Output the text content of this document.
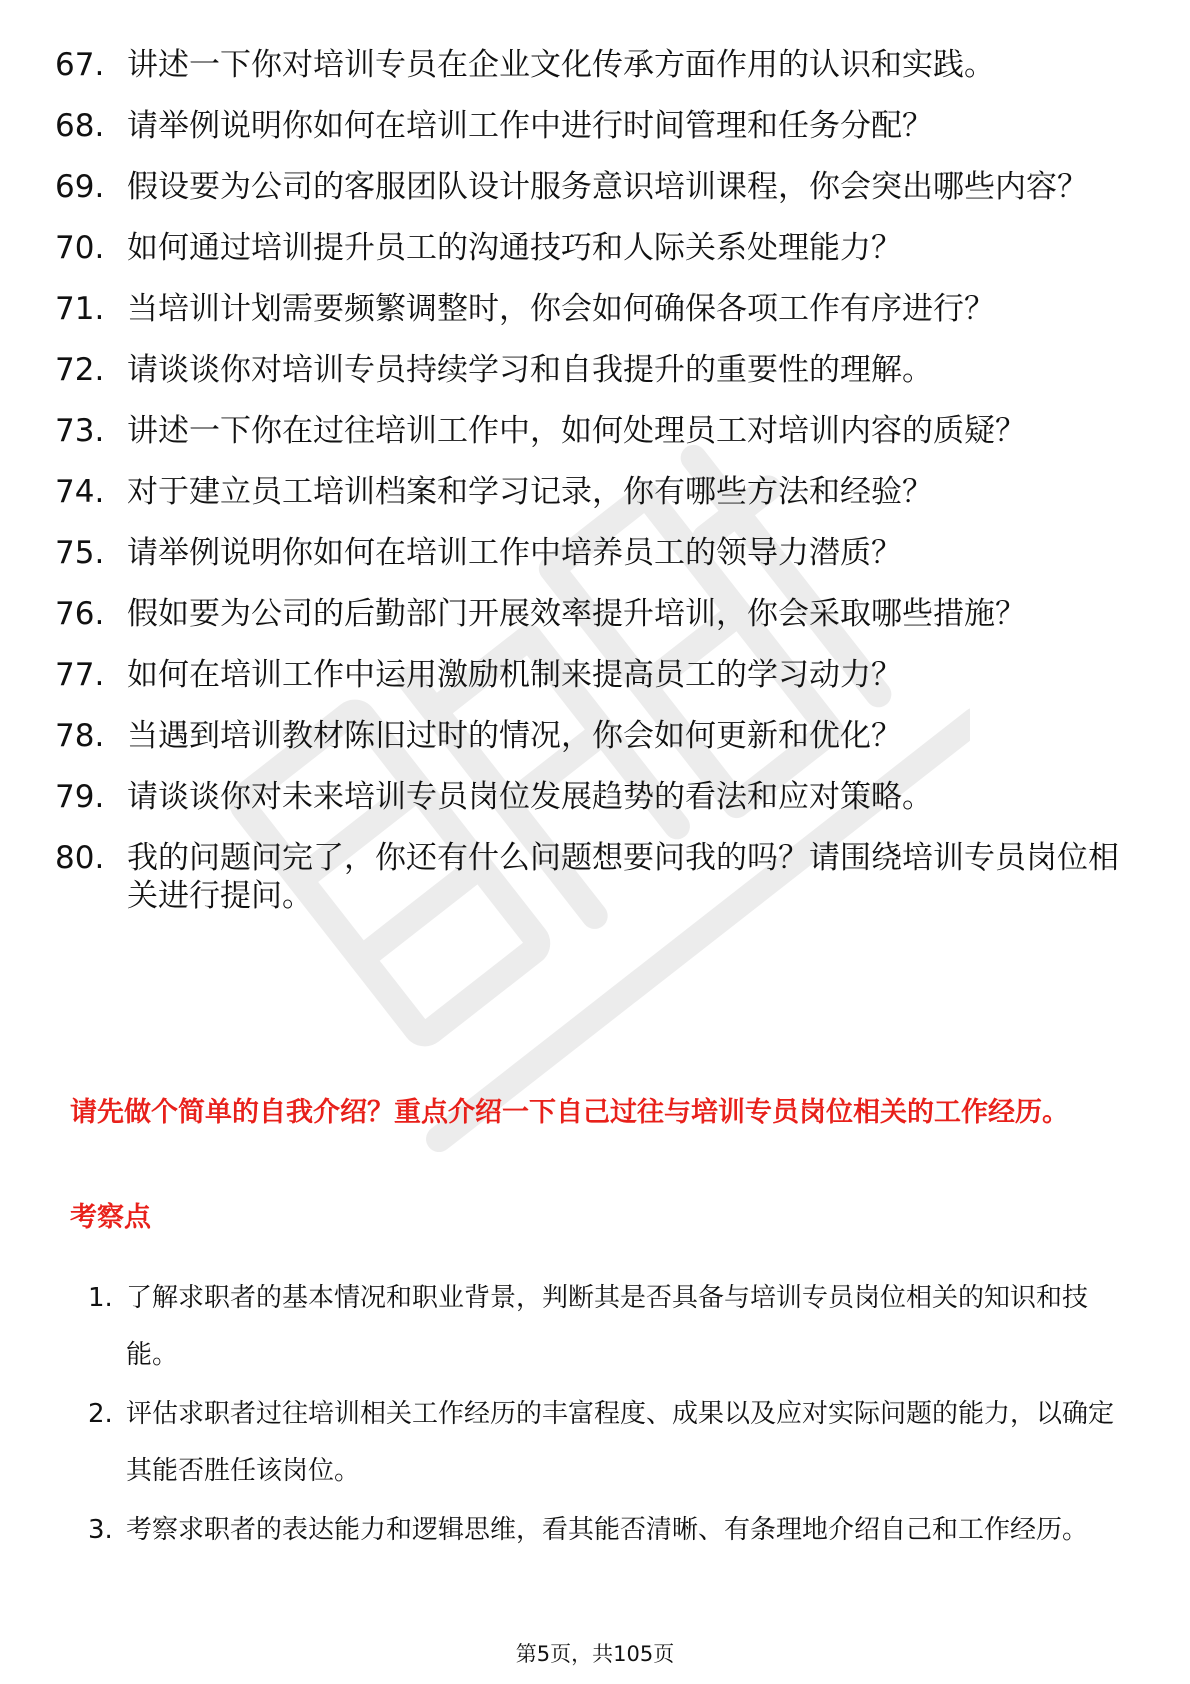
67. 讲述一下你对培训专员在企业文化传承方面作用的认识和实践。
68. 请举例说明你如何在培训工作中进行时间管理和任务分配？
69. 假设要为公司的客服团队设计服务意识培训课程，你会突出哪些内容？
70. 如何通过培训提升员工的沟通技巧和人际关系处理能力？
71. 当培训计划需要频繁调整时，你会如何确保各项工作有序进行？
72. 请谈谈你对培训专员持续学习和自我提升的重要性的理解。
73. 讲述一下你在过往培训工作中，如何处理员工对培训内容的质疑？
74. 对于建立员工培训档案和学习记录，你有哪些方法和经验？
75. 请举例说明你如何在培训工作中培养员工的领导力潜质？
76. 假如要为公司的后勤部门开展效率提升培训，你会采取哪些措施？
77. 如何在培训工作中运用激励机制来提高员工的学习动力？
78. 当遇到培训教材陈旧过时的情况，你会如何更新和优化？
79. 请谈谈你对未来培训专员岗位发展趋势的看法和应对策略。
80. 我的问题问完了，你还有什么问题想要问我的吗？请围绕培训专员岗位相关进行提问。

请先做个简单的自我介绍？重点介绍一下自己过往与培训专员岗位相关的工作经历。

考察点

1. 了解求职者的基本情况和职业背景，判断其是否具备与培训专员岗位相关的知识和技能。
2. 评估求职者过往培训相关工作经历的丰富程度、成果以及应对实际问题的能力，以确定其能否胜任该岗位。
3. 考察求职者的表达能力和逻辑思维，看其能否清晰、有条理地介绍自己和工作经历。
第5页，共105页
